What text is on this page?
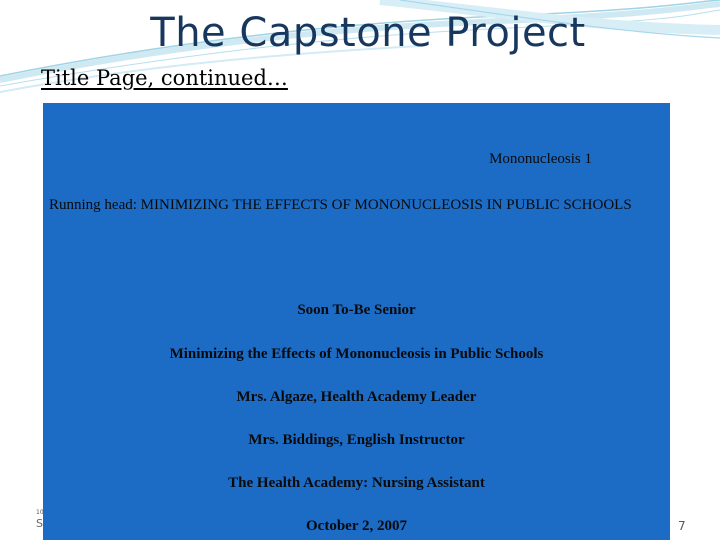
The Capstone Project
Title Page, continued…
Mononucleosis 1
Running head: MINIMIZING THE EFFECTS OF MONONUCLEOSIS IN PUBLIC SCHOOLS
Soon To-Be Senior
Minimizing the Effects of Mononucleosis in Public Schools
Mrs. Algaze, Health Academy Leader
Mrs. Biddings, English Instructor
The Health Academy: Nursing Assistant
October 2, 2007
10
S	7
